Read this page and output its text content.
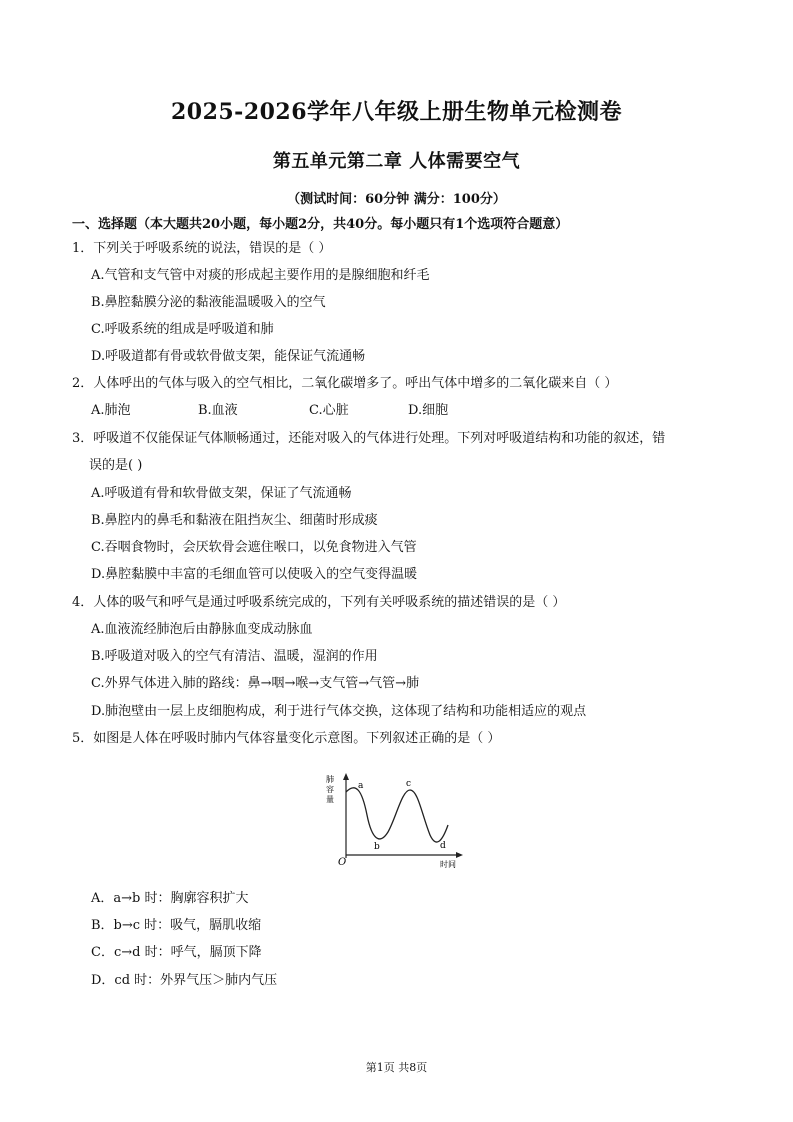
2025-2026学年八年级上册生物单元检测卷
第五单元第二章 人体需要空气
（测试时间：60分钟 满分：100分）
一、选择题（本大题共20小题，每小题2分，共40分。每小题只有1个选项符合题意）
1．下列关于呼吸系统的说法，错误的是（ ）
A.气管和支气管中对痰的形成起主要作用的是腺细胞和纤毛
B.鼻腔黏膜分泌的黏液能温暖吸入的空气
C.呼吸系统的组成是呼吸道和肺
D.呼吸道都有骨或软骨做支架，能保证气流通畅
2．人体呼出的气体与吸入的空气相比，二氧化碳增多了。呼出气体中增多的二氧化碳来自（ ）
A.肺泡	B.血液	C.心脏	D.细胞
3．呼吸道不仅能保证气体顺畅通过，还能对吸入的气体进行处理。下列对呼吸道结构和功能的叙述，错
误的是( )
A.呼吸道有骨和软骨做支架，保证了气流通畅
B.鼻腔内的鼻毛和黏液在阻挡灰尘、细菌时形成痰
C.吞咽食物时，会厌软骨会遮住喉口，以免食物进入气管
D.鼻腔黏膜中丰富的毛细血管可以使吸入的空气变得温暖
4．人体的吸气和呼气是通过呼吸系统完成的，下列有关呼吸系统的描述错误的是（ ）
A.血液流经肺泡后由静脉血变成动脉血
B.呼吸道对吸入的空气有清洁、温暖，湿润的作用
C.外界气体进入肺的路线：鼻→咽→喉→支气管→气管→肺
D.肺泡壁由一层上皮细胞构成，利于进行气体交换，这体现了结构和功能相适应的观点
5．如图是人体在呼吸时肺内气体容量变化示意图。下列叙述正确的是（ ）
肺
容
量
a
b
c
d
O	时间
A．a→b 时：胸廓容积扩大
B．b→c 时：吸气，膈肌收缩
C．c→d 时：呼气，膈顶下降
D．cd 时：外界气压＞肺内气压
第1页 共8页
